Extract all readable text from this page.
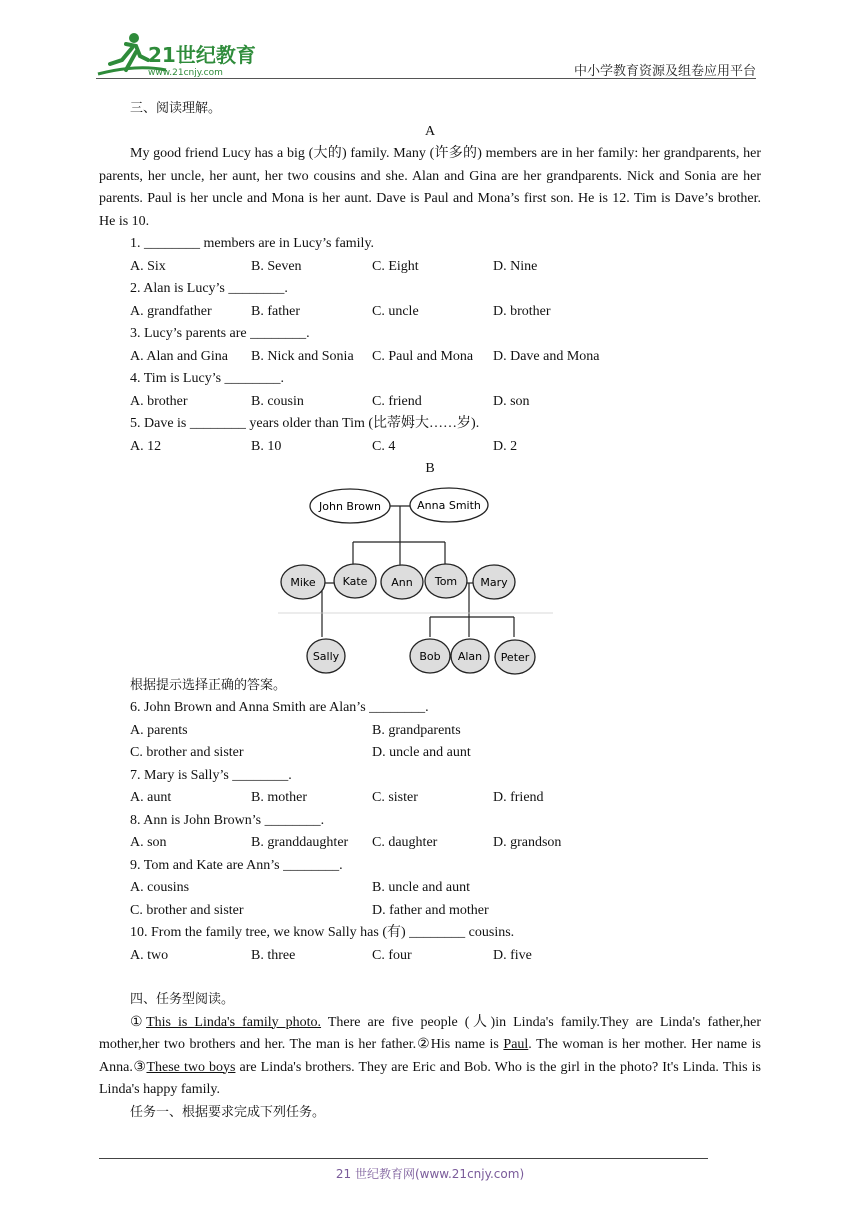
21世纪教育
www.21cnjy.com	中小学教育资源及组卷应用平台
三、阅读理解。
A
My good friend Lucy has a big (大的) family. Many (许多的) members are in her family: her grandparents, her parents, her uncle, her aunt, her two cousins and she. Alan and Gina are her grandparents. Nick and Sonia are her parents. Paul is her uncle and Mona is her aunt. Dave is Paul and Mona’s first son. He is 12. Tim is Dave’s brother. He is 10.
1. ________ members are in Lucy’s family.
A. Six	B. Seven	C. Eight	D. Nine
2. Alan is Lucy’s ________.
A. grandfather	B. father	C. uncle	D. brother
3. Lucy’s parents are ________.
A. Alan and Gina	B. Nick and Sonia	C. Paul and Mona	D. Dave and Mona
4. Tim is Lucy’s ________.
A. brother	B. cousin	C. friend	D. son
5. Dave is ________ years older than Tim (比蒂姆大……岁).
A. 12	B. 10	C. 4	D. 2
B
John Brown	Anna Smith
Mike Kate Ann Tom Mary
Sally	Bob Alan Peter
根据提示选择正确的答案。
6. John Brown and Anna Smith are Alan’s ________.
A. parents	B. grandparents
C. brother and sister	D. uncle and aunt
7. Mary is Sally’s ________.
A. aunt	B. mother	C. sister	D. friend
8. Ann is John Brown’s ________.
A. son	B. granddaughter	C. daughter	D. grandson
9. Tom and Kate are Ann’s ________.
A. cousins	B. uncle and aunt
C. brother and sister	D. father and mother
10. From the family tree, we know Sally has (有) ________ cousins.
A. two	B. three	C. four	D. five
四、任务型阅读。
①This is Linda's family photo. There are five people (人)in Linda's family.They are Linda's father,her mother,her two brothers and her. The man is her father.②His name is Paul. The woman is her mother. Her name is Anna.③These two boys are Linda's brothers. They are Eric and Bob. Who is the girl in the photo? It's Linda. This is Linda's happy family.
任务一、根据要求完成下列任务。
21 世纪教育网(www.21cnjy.com)
